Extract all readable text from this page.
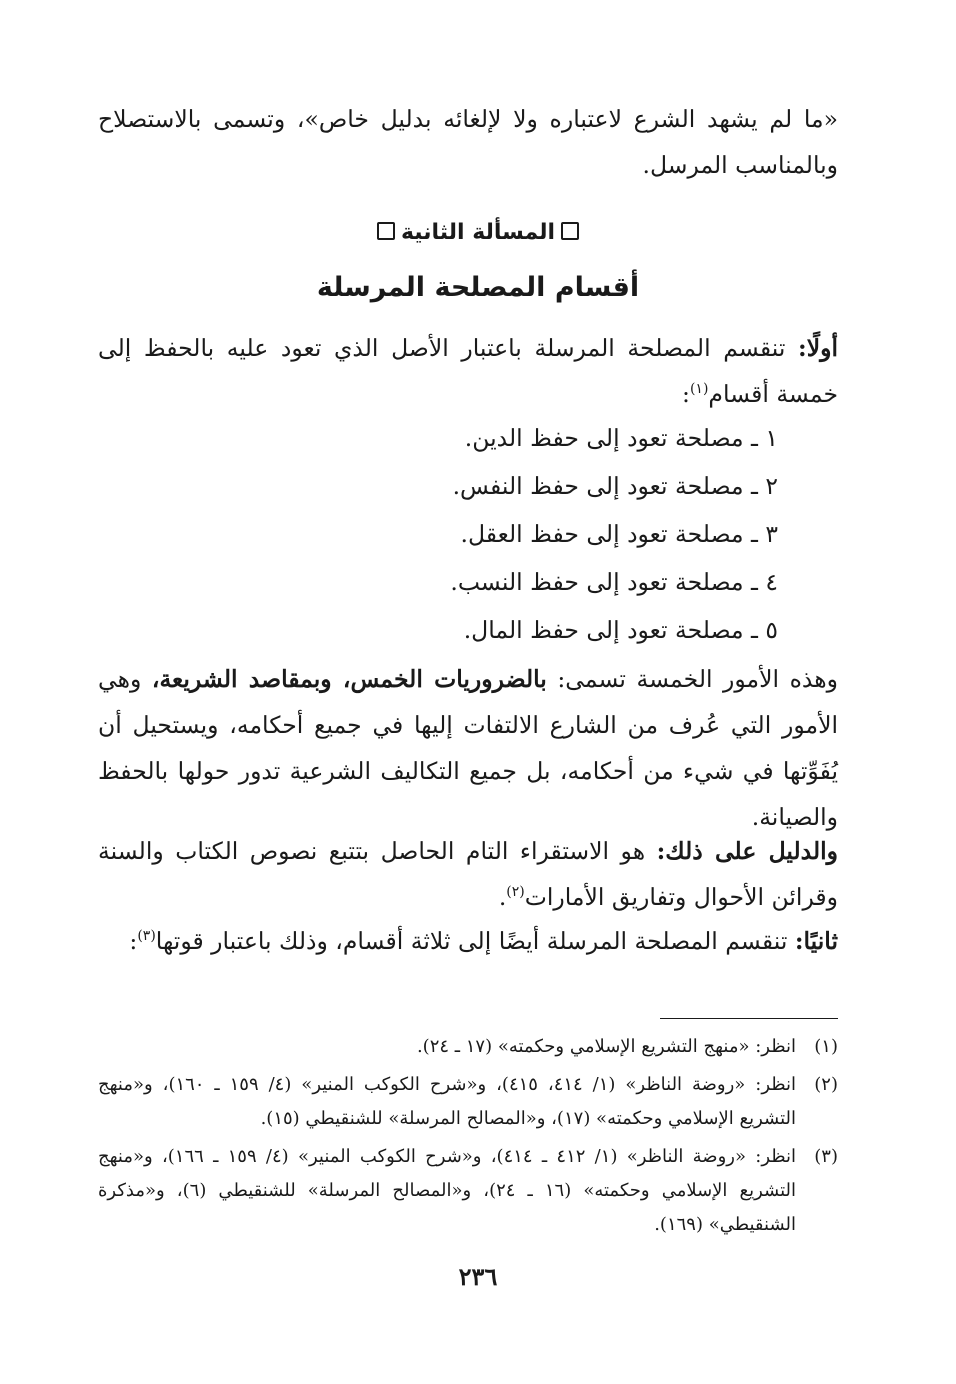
«ما لم يشهد الشرع لاعتباره ولا لإلغائه بدليل خاص»، وتسمى بالاستصلاح وبالمناسب المرسل.

المسألة الثانية
أقسام المصلحة المرسلة

أولًا: تنقسم المصلحة المرسلة باعتبار الأصل الذي تعود عليه بالحفظ إلى خمسة أقسام$^{(١)}$:

١ ـ مصلحة تعود إلى حفظ الدين.
٢ ـ مصلحة تعود إلى حفظ النفس.
٣ ـ مصلحة تعود إلى حفظ العقل.
٤ ـ مصلحة تعود إلى حفظ النسب.
٥ ـ مصلحة تعود إلى حفظ المال.

وهذه الأمور الخمسة تسمى: بالضروريات الخمس، وبمقاصد الشريعة، وهي الأمور التي عُرف من الشارع الالتفات إليها في جميع أحكامه، ويستحيل أن يُفَوِّتها في شيء من أحكامه، بل جميع التكاليف الشرعية تدور حولها بالحفظ والصيانة.

والدليل على ذلك: هو الاستقراء التام الحاصل بتتبع نصوص الكتاب والسنة وقرائن الأحوال وتفاريق الأمارات$^{(٢)}$.

ثانيًا: تنقسم المصلحة المرسلة أيضًا إلى ثلاثة أقسام، وذلك باعتبار قوتها$^{(٣)}$:

(١)
انظر: «منهج التشريع الإسلامي وحكمته» (١٧ ـ ٢٤).
(٢)
انظر: «روضة الناظر» (١/ ٤١٤، ٤١٥)، و«شرح الكوكب المنير» (٤/ ١٥٩ ـ ١٦٠)، و«منهج التشريع الإسلامي وحكمته» (١٧)، و«المصالح المرسلة» للشنقيطي (١٥).
(٣)
انظر: «روضة الناظر» (١/ ٤١٢ ـ ٤١٤)، و«شرح الكوكب المنير» (٤/ ١٥٩ ـ ١٦٦)، و«منهج التشريع الإسلامي وحكمته» (١٦ ـ ٢٤)، و«المصالح المرسلة» للشنقيطي (٦)، و«مذكرة الشنقيطي» (١٦٩).
٢٣٦
